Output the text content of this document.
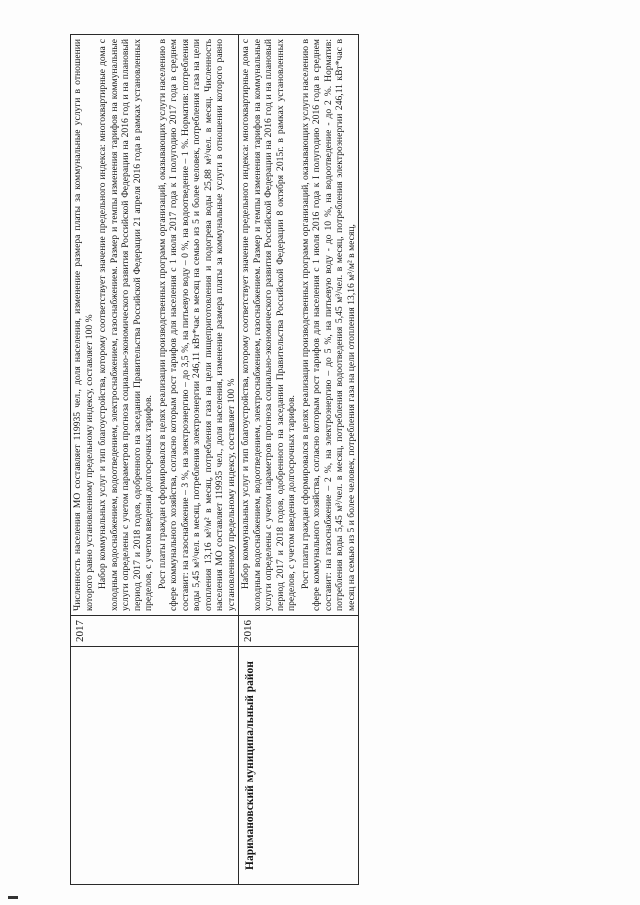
	2017	Численность населения МО составляет 119935 чел., доля населения, изменение размера платы за коммунальные услуги в отношении которого равно установленному предельному индексу, составляет 100 % Набор коммунальных услуг и тип благоустройства, которому соответствует значение предельного индекса: многоквартирные дома с холодным водоснабжением, водоотведением, электроснабжением, газоснабжением. Размер и темпы изменения тарифов на коммунальные услуги определены с учетом параметров прогноза социально-экономического развития Российской Федерации на 2016 год и на плановый период 2017 и 2018 годов, одобренного на заседании Правительства Российской Федерации 21 апреля 2016 года в рамках установленных пределов, с учетом введения долгосрочных тарифов. Рост платы граждан сформировался в целях реализации производственных программ организаций, оказывающих услуги населению в сфере коммунального хозяйства, согласно которым рост тарифов для населения с 1 июля 2017 года к I полугодию 2017 года в среднем составит: на газоснабжение – 3 %, на электроэнергию – до 3,5 %, на питьевую воду – 0 %, на водоотведение – 1 %. Норматив: потребления воды 5,45 м³/чел. в месяц, потребления электроэнергии 246,11 кВт*час в месяц на семью из 5 и более человек, потребления газа на цели отопления 13,16 м³/м² в месяц, потребления газа на цели пищеприготовления и подогрева воды 25,88 м³/чел. в месяц. Численность населения МО составляет 119935 чел., доля населения, изменение размера платы за коммунальные услуги в отношении которого равно установленному предельному индексу, составляет 100 %

Наримановский муниципальный район	2016	Набор коммунальных услуг и тип благоустройства, которому соответствует значение предельного индекса: многоквартирные дома с холодным водоснабжением, водоотведением, электроснабжением, газоснабжением. Размер и темпы изменения тарифов на коммунальные услуги определены с учетом параметров прогноза социально-экономического развития Российской Федерации на 2016 год и на плановый период 2017 и 2018 годов, одобренного на заседании Правительства Российской Федерации 8 октября 2015г. в рамках установленных пределов, с учетом введения долгосрочных тарифов. Рост платы граждан сформировался в целях реализации производственных программ организаций, оказывающих услуги населению в сфере коммунального хозяйства, согласно которым рост тарифов для населения с 1 июля 2016 года к I полугодию 2016 года в среднем составит: на газоснабжение – 2 %, на электроэнергию – до 5 %, на питьевую воду - до 10 %, на водоотведение - до 2 %. Норматив: потребления воды 5,45 м³/чел. в месяц, потребления водоотведения 5,45 м³/чел. в месяц, потребления электроэнергии 246,11 кВт*час в месяц на семью из 5 и более человек, потребления газа на цели отопления 13,16 м³/м² в месяц,
